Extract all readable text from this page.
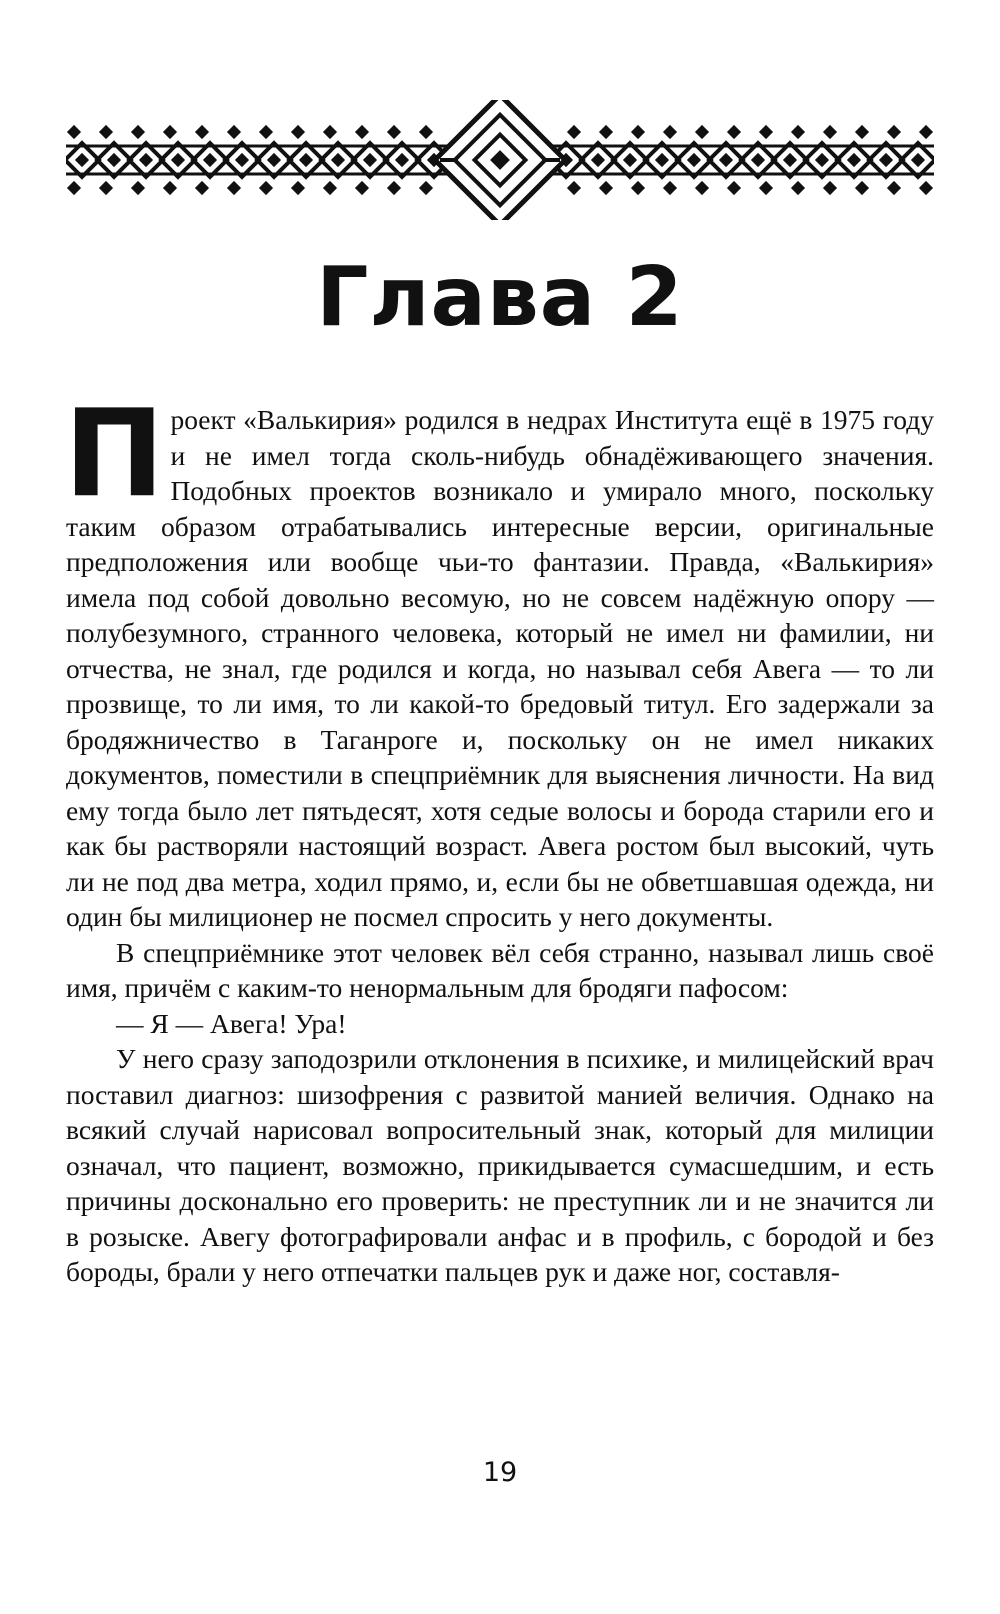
Глава 2

Проект «Валькирия» родился в недрах Института ещё в 1975 году и не имел тогда сколь-нибудь обнадёживающего значения. Подобных проектов возникало и умирало много, поскольку таким образом отрабатывались интересные версии, оригинальные предположения или вообще чьи-то фантазии. Правда, «Валькирия» имела под собой довольно весомую, но не совсем надёжную опору — полубезумного, странного человека, который не имел ни фамилии, ни отчества, не знал, где родился и когда, но называл себя Авега — то ли прозвище, то ли имя, то ли какой-то бредовый титул. Его задержали за бродяжничество в Таганроге и, поскольку он не имел никаких документов, поместили в спецприёмник для выяснения личности. На вид ему тогда было лет пятьдесят, хотя седые волосы и борода старили его и как бы растворяли настоящий возраст. Авега ростом был высокий, чуть ли не под два метра, ходил прямо, и, если бы не обветшавшая одежда, ни один бы милиционер не посмел спросить у него документы.

В спецприёмнике этот человек вёл себя странно, называл лишь своё имя, причём с каким-то ненормальным для бродяги пафосом:

— Я — Авега! Ура!

У него сразу заподозрили отклонения в психике, и милицейский врач поставил диагноз: шизофрения с развитой манией величия. Однако на всякий случай нарисовал вопросительный знак, который для милиции означал, что пациент, возможно, прикидывается сумасшедшим, и есть причины досконально его проверить: не преступник ли и не значится ли в розыске. Авегу фотографировали анфас и в профиль, с бородой и без бороды, брали у него отпечатки пальцев рук и даже ног, составля-

19
